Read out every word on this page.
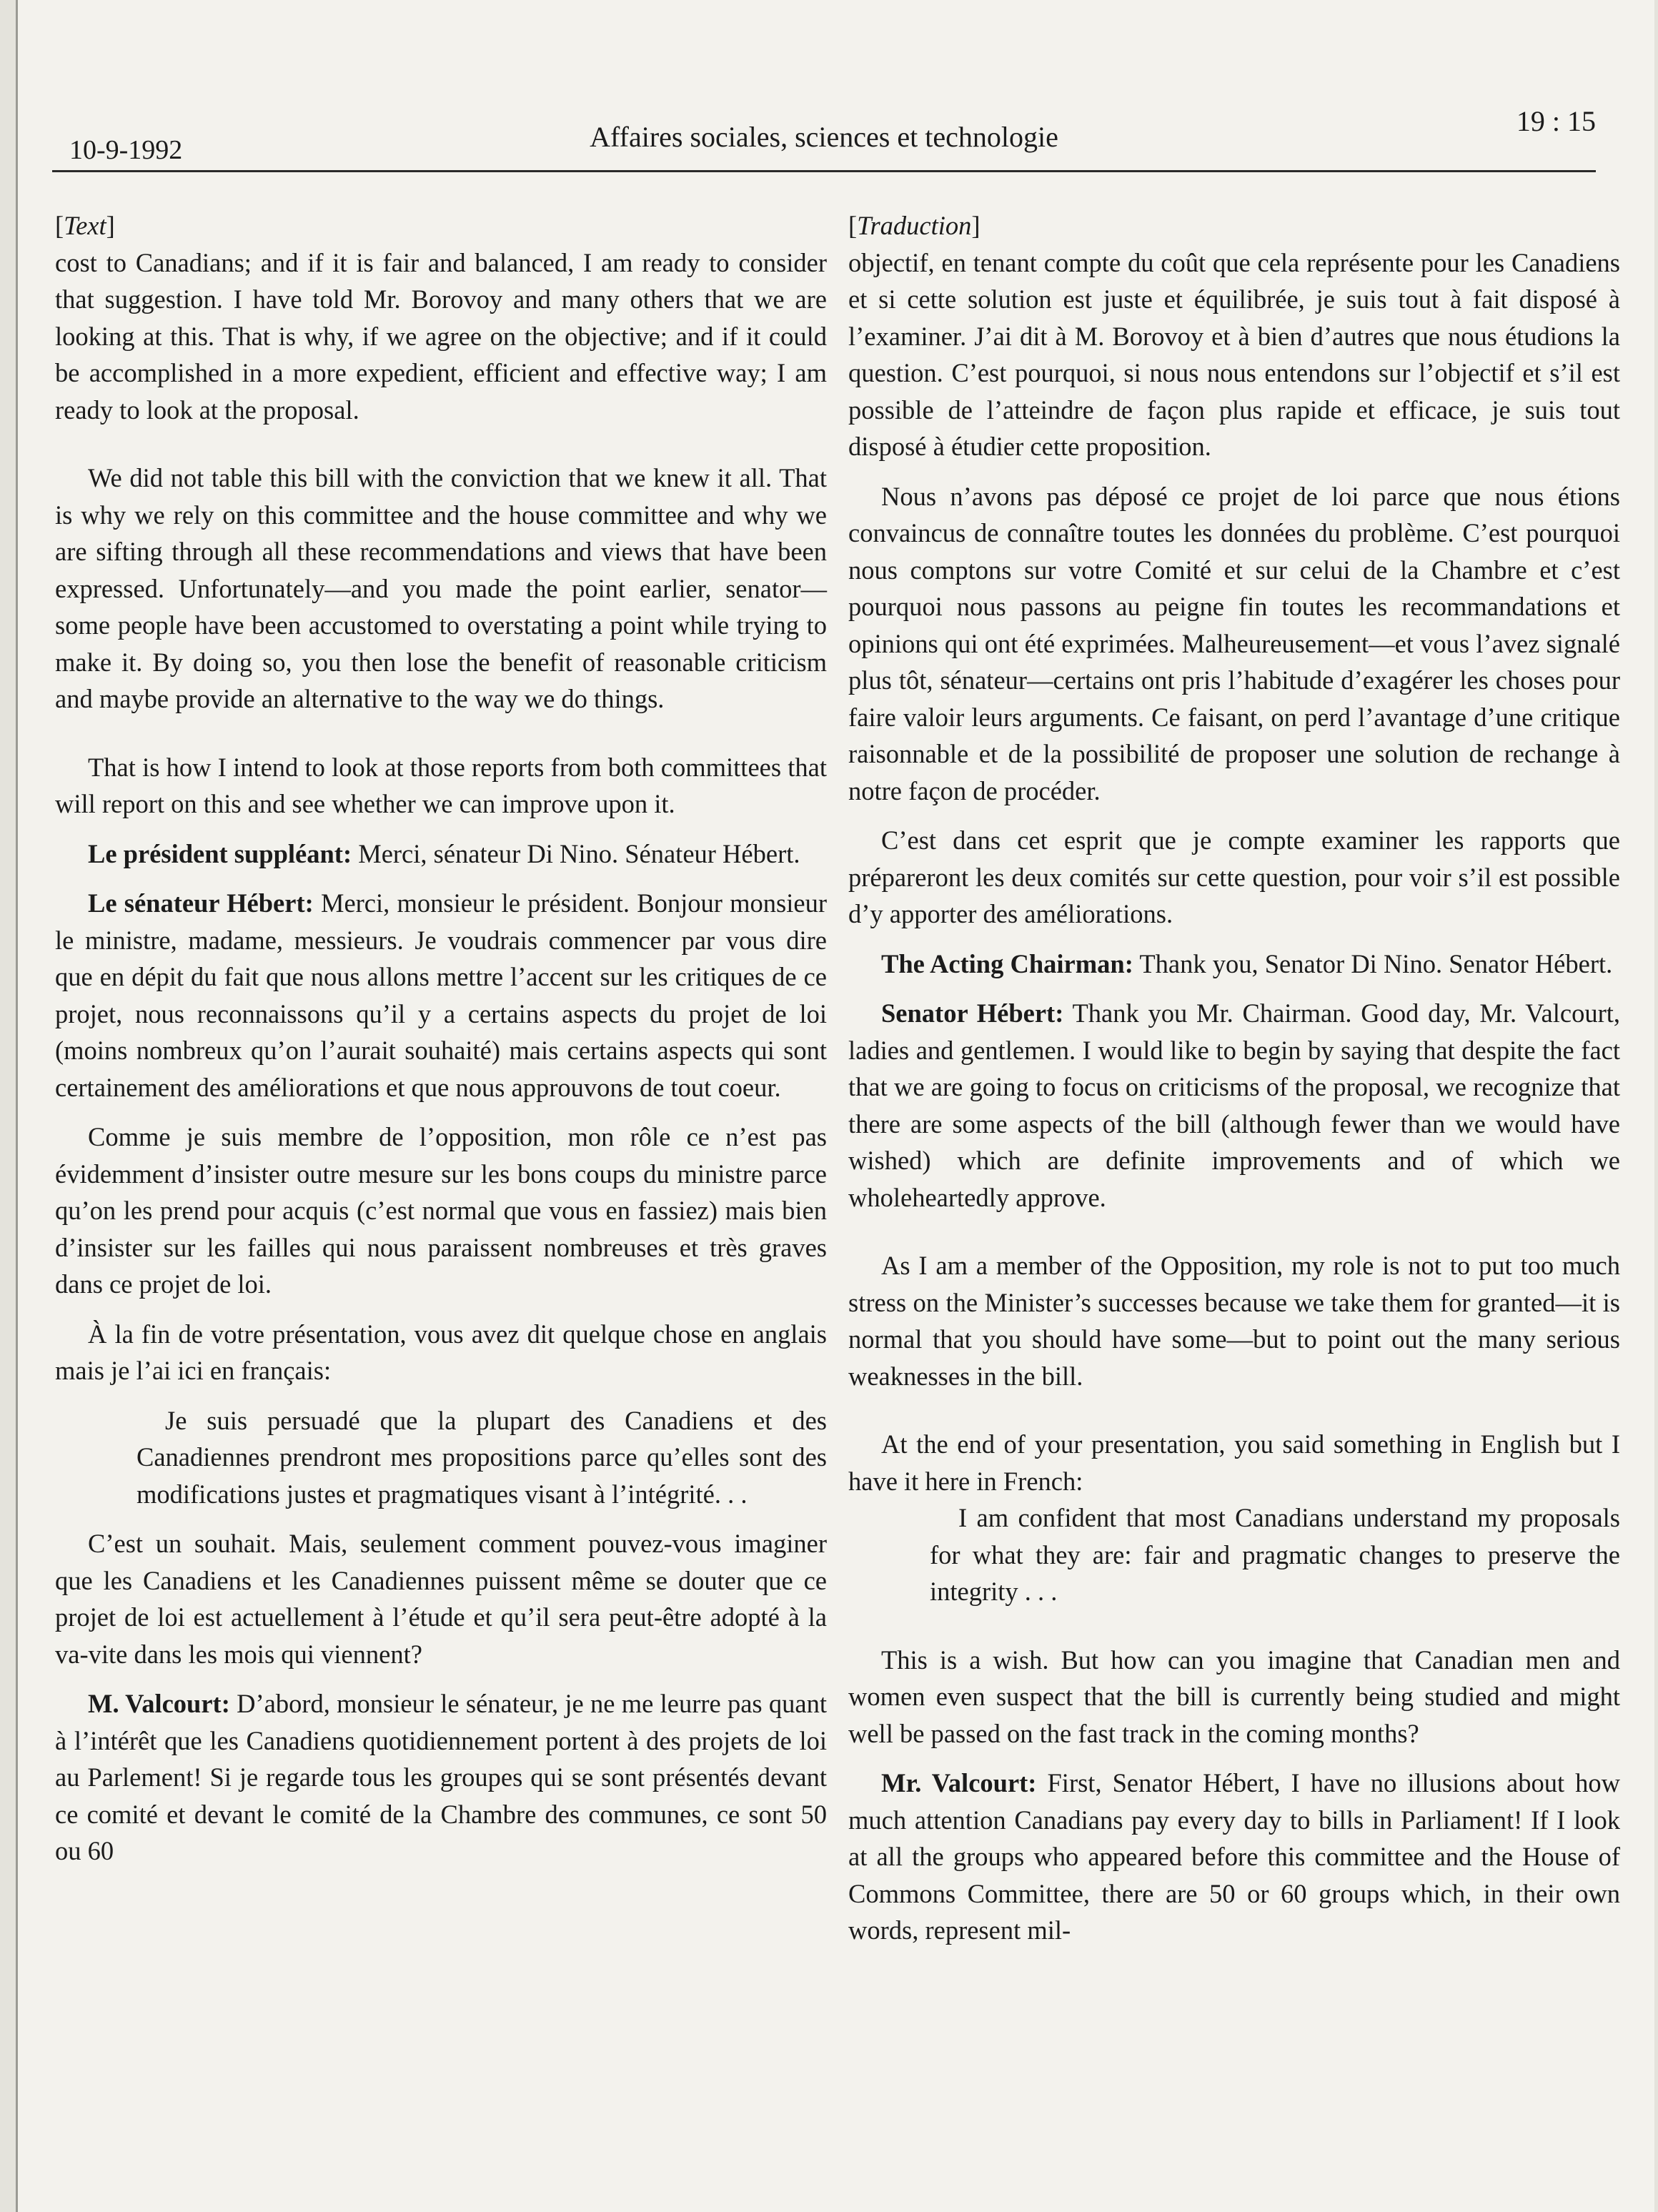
10-9-1992	Affaires sociales, sciences et technologie	19 : 15

[Text]

cost to Canadians; and if it is fair and balanced, I am ready to consider that suggestion. I have told Mr. Borovoy and many others that we are looking at this. That is why, if we agree on the objective; and if it could be accomplished in a more expedient, efficient and effective way; I am ready to look at the proposal.

We did not table this bill with the conviction that we knew it all. That is why we rely on this committee and the house committee and why we are sifting through all these recommendations and views that have been expressed. Unfortunately—and you made the point earlier, senator—some people have been accustomed to overstating a point while trying to make it. By doing so, you then lose the benefit of reasonable criticism and maybe provide an alternative to the way we do things.

That is how I intend to look at those reports from both committees that will report on this and see whether we can improve upon it.

Le président suppléant: Merci, sénateur Di Nino. Sénateur Hébert.

Le sénateur Hébert: Merci, monsieur le président. Bonjour monsieur le ministre, madame, messieurs. Je voudrais commencer par vous dire que en dépit du fait que nous allons mettre l’accent sur les critiques de ce projet, nous reconnaissons qu’il y a certains aspects du projet de loi (moins nombreux qu’on l’aurait souhaité) mais certains aspects qui sont certainement des améliorations et que nous approuvons de tout coeur.

Comme je suis membre de l’opposition, mon rôle ce n’est pas évidemment d’insister outre mesure sur les bons coups du ministre parce qu’on les prend pour acquis (c’est normal que vous en fassiez) mais bien d’insister sur les failles qui nous paraissent nombreuses et très graves dans ce projet de loi.

À la fin de votre présentation, vous avez dit quelque chose en anglais mais je l’ai ici en français:

Je suis persuadé que la plupart des Canadiens et des Canadiennes prendront mes propositions parce qu’elles sont des modifications justes et pragmatiques visant à l’intégrité. . .

C’est un souhait. Mais, seulement comment pouvez-vous imaginer que les Canadiens et les Canadiennes puissent même se douter que ce projet de loi est actuellement à l’étude et qu’il sera peut-être adopté à la va-vite dans les mois qui viennent?

M. Valcourt: D’abord, monsieur le sénateur, je ne me leurre pas quant à l’intérêt que les Canadiens quotidiennement portent à des projets de loi au Parlement! Si je regarde tous les groupes qui se sont présentés devant ce comité et devant le comité de la Chambre des communes, ce sont 50 ou 60

[Traduction]

objectif, en tenant compte du coût que cela représente pour les Canadiens et si cette solution est juste et équilibrée, je suis tout à fait disposé à l’examiner. J’ai dit à M. Borovoy et à bien d’autres que nous étudions la question. C’est pourquoi, si nous nous entendons sur l’objectif et s’il est possible de l’atteindre de façon plus rapide et efficace, je suis tout disposé à étudier cette proposition.

Nous n’avons pas déposé ce projet de loi parce que nous étions convaincus de connaître toutes les données du problème. C’est pourquoi nous comptons sur votre Comité et sur celui de la Chambre et c’est pourquoi nous passons au peigne fin toutes les recommandations et opinions qui ont été exprimées. Malheureusement—et vous l’avez signalé plus tôt, sénateur—certains ont pris l’habitude d’exagérer les choses pour faire valoir leurs arguments. Ce faisant, on perd l’avantage d’une critique raisonnable et de la possibilité de proposer une solution de rechange à notre façon de procéder.

C’est dans cet esprit que je compte examiner les rapports que prépareront les deux comités sur cette question, pour voir s’il est possible d’y apporter des améliorations.

The Acting Chairman: Thank you, Senator Di Nino. Senator Hébert.

Senator Hébert: Thank you Mr. Chairman. Good day, Mr. Valcourt, ladies and gentlemen. I would like to begin by saying that despite the fact that we are going to focus on criticisms of the proposal, we recognize that there are some aspects of the bill (although fewer than we would have wished) which are definite improvements and of which we wholeheartedly approve.

As I am a member of the Opposition, my role is not to put too much stress on the Minister’s successes because we take them for granted—it is normal that you should have some—but to point out the many serious weaknesses in the bill.

At the end of your presentation, you said something in English but I have it here in French:

I am confident that most Canadians understand my proposals for what they are: fair and pragmatic changes to preserve the integrity . . .

This is a wish. But how can you imagine that Canadian men and women even suspect that the bill is currently being studied and might well be passed on the fast track in the coming months?

Mr. Valcourt: First, Senator Hébert, I have no illusions about how much attention Canadians pay every day to bills in Parliament! If I look at all the groups who appeared before this committee and the House of Commons Committee, there are 50 or 60 groups which, in their own words, represent mil-
